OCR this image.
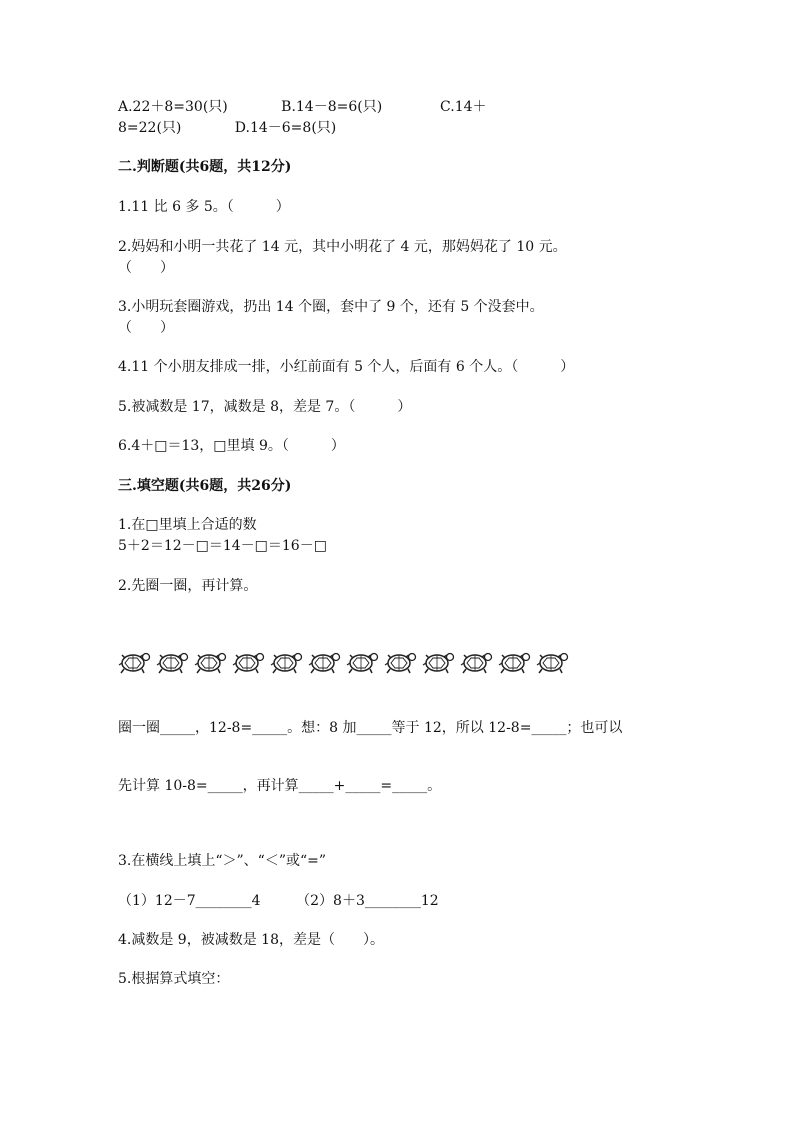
A.22＋8=30(只)            B.14－8=6(只)             C.14＋
8=22(只)            D.14－6=8(只)
二.判断题(共6题，共12分)
1.11 比 6 多 5。（　　　）
2.妈妈和小明一共花了 14 元，其中小明花了 4 元，那妈妈花了 10 元。
（　　）
3.小明玩套圈游戏，扔出 14 个圈，套中了 9 个，还有 5 个没套中。
（　　）
4.11 个小朋友排成一排，小红前面有 5 个人，后面有 6 个人。（　　　）
5.被减数是 17，减数是 8，差是 7。（　　　）
6.4＋□＝13，□里填 9。（　　　）
三.填空题(共6题，共26分)
1.在□里填上合适的数
5＋2＝12－□＝14－□＝16－□
2.先圈一圈，再计算。
圈一圈_____，12-8=_____。想：8 加_____等于 12，所以 12-8=_____；也可以
先计算 10-8=_____，再计算_____+_____=_____。
3.在横线上填上“＞”、“＜”或“=”
（1）12－7________4        （2）8＋3________12
4.减数是 9，被减数是 18，差是（　　）。
5.根据算式填空：
